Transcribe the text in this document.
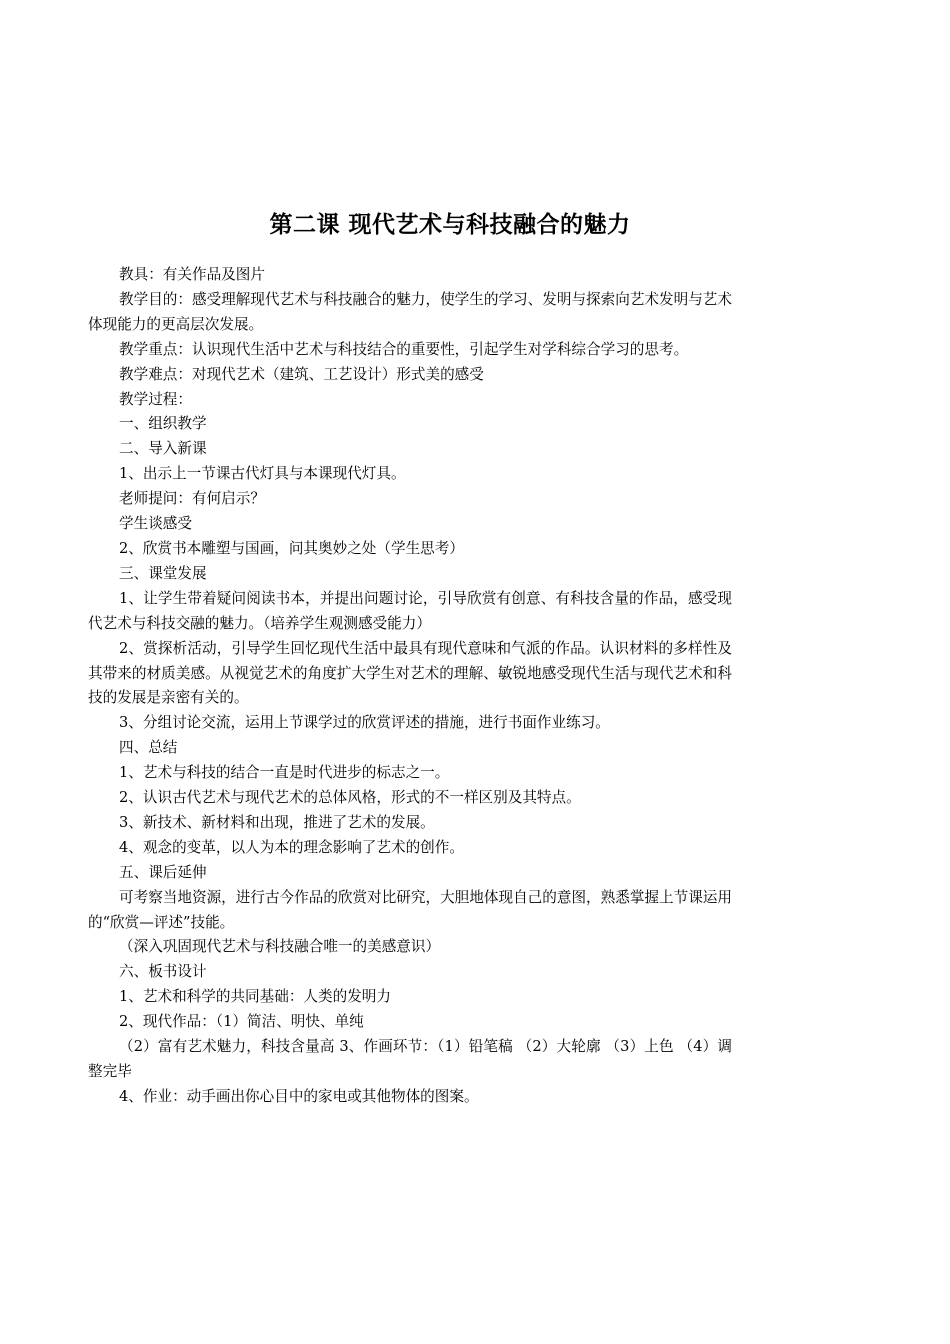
第二课 现代艺术与科技融合的魅力

教具：有关作品及图片

教学目的：感受理解现代艺术与科技融合的魅力，使学生的学习、发明与探索向艺术发明与艺术体现能力的更高层次发展。

教学重点：认识现代生活中艺术与科技结合的重要性，引起学生对学科综合学习的思考。

教学难点：对现代艺术（建筑、工艺设计）形式美的感受

教学过程：

一、组织教学

二、导入新课

1、出示上一节课古代灯具与本课现代灯具。

老师提问：有何启示？

学生谈感受

2、欣赏书本雕塑与国画，问其奥妙之处（学生思考）

三、课堂发展

1、让学生带着疑问阅读书本，并提出问题讨论，引导欣赏有创意、有科技含量的作品，感受现代艺术与科技交融的魅力。（培养学生观测感受能力）

2、赏探析活动，引导学生回忆现代生活中最具有现代意味和气派的作品。认识材料的多样性及其带来的材质美感。从视觉艺术的角度扩大学生对艺术的理解、敏锐地感受现代生活与现代艺术和科技的发展是亲密有关的。

3、分组讨论交流，运用上节课学过的欣赏评述的措施，进行书面作业练习。

四、总结

1、艺术与科技的结合一直是时代进步的标志之一。

2、认识古代艺术与现代艺术的总体风格，形式的不一样区别及其特点。

3、新技术、新材料和出现，推进了艺术的发展。

4、观念的变革，以人为本的理念影响了艺术的创作。

五、课后延伸

可考察当地资源，进行古今作品的欣赏对比研究，大胆地体现自己的意图，熟悉掌握上节课运用的“欣赏—评述”技能。

（深入巩固现代艺术与科技融合唯一的美感意识）

六、板书设计

1、艺术和科学的共同基础：人类的发明力

2、现代作品：（1）简洁、明快、单纯

（2）富有艺术魅力，科技含量高 3、作画环节：（1）铅笔稿 （2）大轮廓 （3）上色 （4）调整完毕

4、作业：动手画出你心目中的家电或其他物体的图案。
